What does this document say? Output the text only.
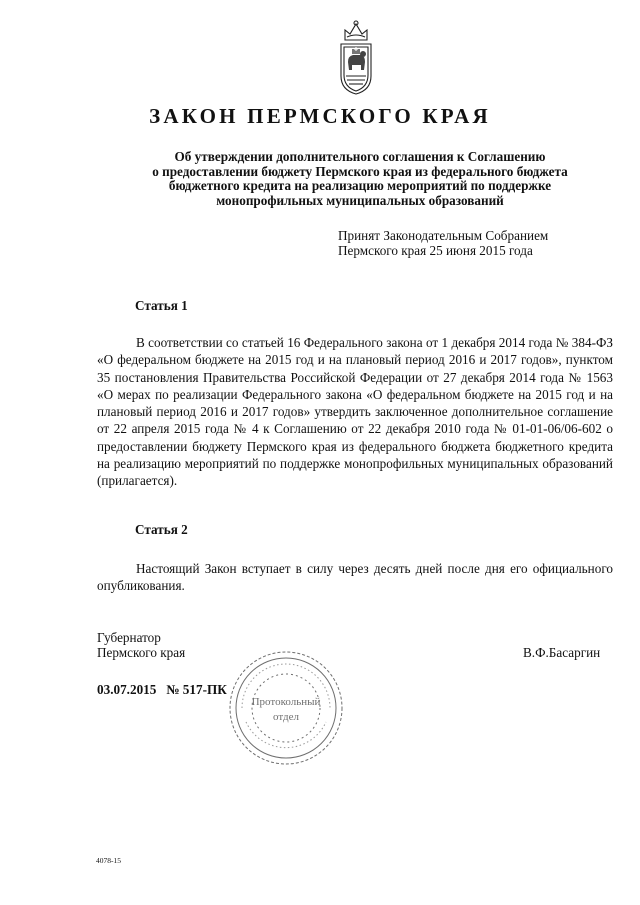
ЗАКОН ПЕРМСКОГО КРАЯ
Об утверждении дополнительного соглашения к Соглашению
о предоставлении бюджету Пермского края из федерального бюджета
бюджетного кредита на реализацию мероприятий по поддержке
монопрофильных муниципальных образований
Принят Законодательным Собранием
Пермского края 25 июня 2015 года
Статья 1
В соответствии со статьей 16 Федерального закона от 1 декабря 2014 года № 384-ФЗ «О федеральном бюджете на 2015 год и на плановый период 2016 и 2017 годов», пунктом 35 постановления Правительства Российской Федерации от 27 декабря 2014 года № 1563 «О мерах по реализации Федерального закона «О федеральном бюджете на 2015 год и на плановый период 2016 и 2017 годов» утвердить заключенное дополнительное соглашение от 22 апреля 2015 года № 4 к Соглашению от 22 декабря 2010 года № 01-01-06/06-602 о предоставлении бюджету Пермского края из федерального бюджета бюджетного кредита на реализацию мероприятий по поддержке монопрофильных муниципальных образований (прилагается).
Статья 2
Настоящий Закон вступает в силу через десять дней после дня его официального опубликования.
Губернатор
Пермского края	В.Ф.Басаргин
Протокольный
отдел
03.07.2015   № 517-ПК
4078-15
